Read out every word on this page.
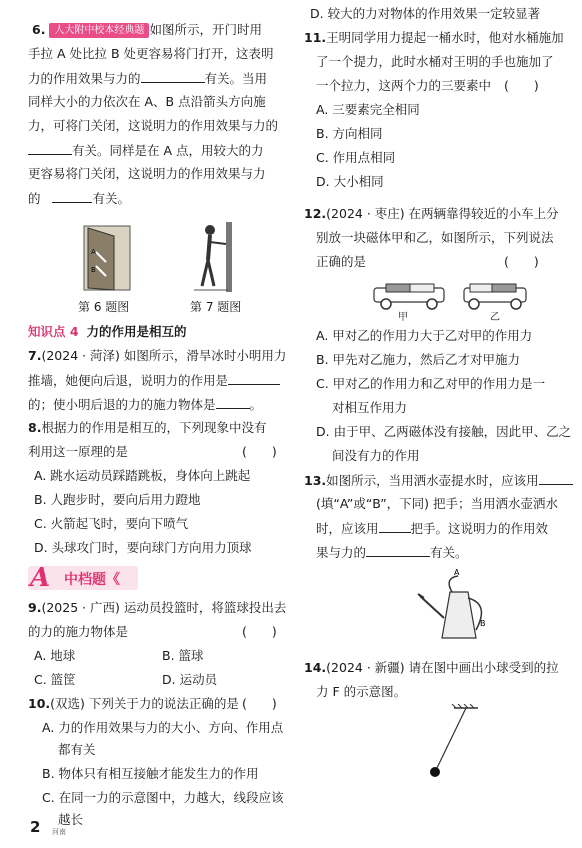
6. 人大附中校本经典题 如图所示，开门时用
手拉 A 处比拉 B 处更容易将门打开，这表明
力的作用效果与力的	有关。当用
同样大小的力依次在 A、B 点沿箭头方向施
力，可将门关闭，这说明力的作用效果与力的
有关。同样是在 A 点，用较大的力
更容易将门关闭，这说明力的作用效果与力
的	有关。
A
B
第 6 题图	第 7 题图
知识点 4 力的作用是相互的
7.(2024 · 菏泽) 如图所示，滑旱冰时小明用力
推墙，她便向后退，说明力的作用是
的；使小明后退的力的施力物体是	。
8.根据力的作用是相互的，下列现象中没有
利用这一原理的是	(　　)
A. 跳水运动员踩踏跳板，身体向上跳起
B. 人跑步时，要向后用力蹬地
C. 火箭起飞时，要向下喷气
D. 头球攻门时，要向球门方向用力顶球
A 中档题《
9.(2025 · 广西) 运动员投篮时，将篮球投出去
的力的施力物体是	(　　)
A. 地球	B. 篮球
C. 篮筐	D. 运动员
10.(双选) 下列关于力的说法正确的是 (　　)
A. 力的作用效果与力的大小、方向、作用点
都有关
B. 物体只有相互接触才能发生力的作用
C. 在同一力的示意图中，力越大，线段应该
越长
2 河南
D. 较大的力对物体的作用效果一定较显著
11.王明同学用力提起一桶水时，他对水桶施加
了一个提力，此时水桶对王明的手也施加了
一个拉力，这两个力的三要素中 (　　)
A. 三要素完全相同
B. 方向相同
C. 作用点相同
D. 大小相同
12.(2024 · 枣庄) 在两辆靠得较近的小车上分
别放一块磁体甲和乙，如图所示，下列说法
正确的是	(　　)
甲	乙
A. 甲对乙的作用力大于乙对甲的作用力
B. 甲先对乙施力，然后乙才对甲施力
C. 甲对乙的作用力和乙对甲的作用力是一
对相互作用力
D. 由于甲、乙两磁体没有接触，因此甲、乙之
间没有力的作用
13.如图所示，当用洒水壶提水时，应该用
(填“A”或“B”，下同) 把手；当用洒水壶洒水
时，应该用	把手。这说明力的作用效
果与力的	有关。
A
B
14.(2024 · 新疆) 请在图中画出小球受到的拉
力 F 的示意图。
